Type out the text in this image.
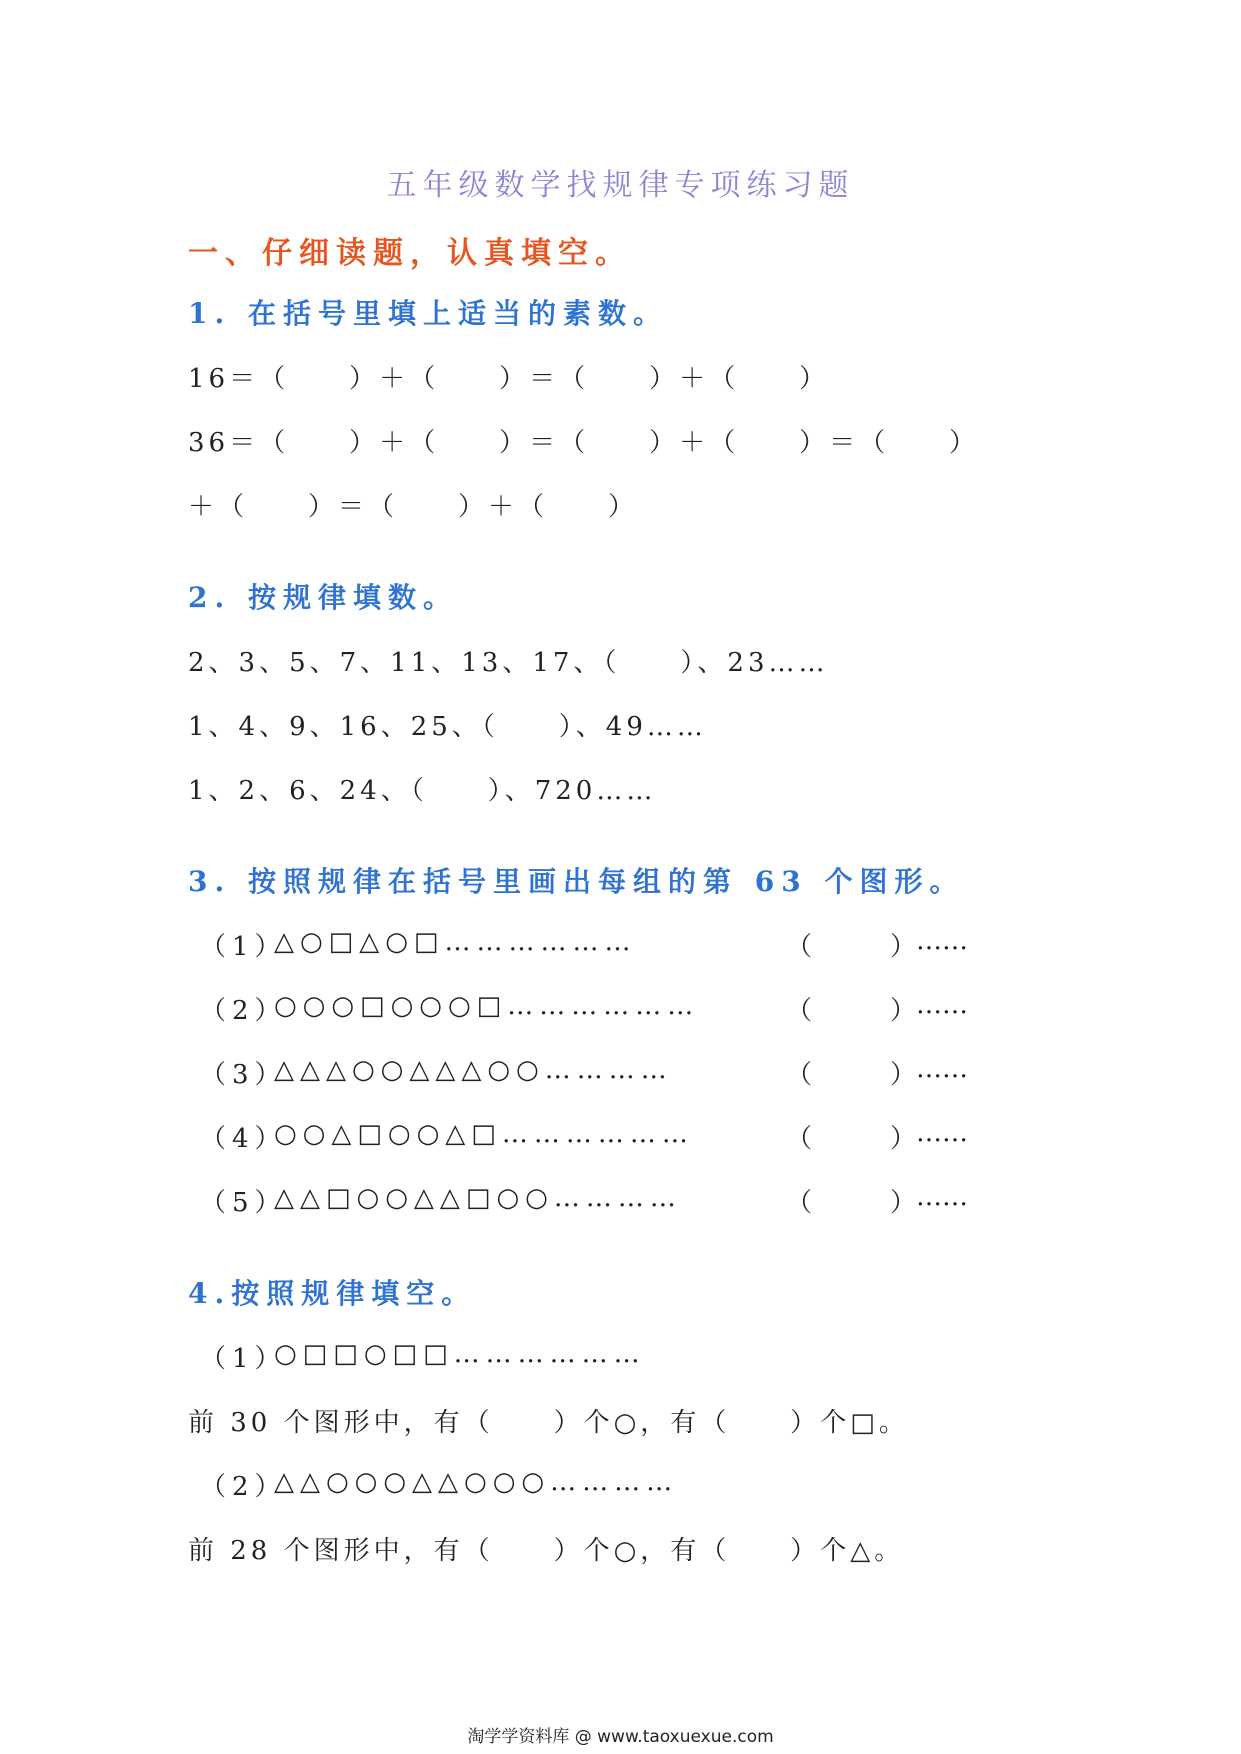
五年级数学找规律专项练习题
一、仔细读题，认真填空。
1. 在括号里填上适当的素数。
16＝（　　）＋（　　）＝（　　）＋（　　）
36＝（　　）＋（　　）＝（　　）＋（　　）＝（　　）
＋（　　）＝（　　）＋（　　）
2. 按规律填数。
2、3、5、7、11、13、17、（　　）、23……
1、4、9、16、25、（　　）、49……
1、2、6、24、（　　）、720……
3. 按照规律在括号里画出每组的第 63 个图形。
（1）
△○□△○□………………	（　　　） ……
（2）
○○○□○○○□………………	（　　　） ……
（3）
△△△○○△△△○○…………	（　　　） ……
（4）
○○△□○○△□………………	（　　　） ……
（5）
△△□○○△△□○○…………	（　　　） ……
4.按照规律填空。
（1）
○□□○□□………………
前 30 个图形中，有（　　）个○，有（　　）个□。
（2）
△△○○○△△○○○…………
前 28 个图形中，有（　　）个○，有（　　）个△。
淘学学资料库 @ www.taoxuexue.com
